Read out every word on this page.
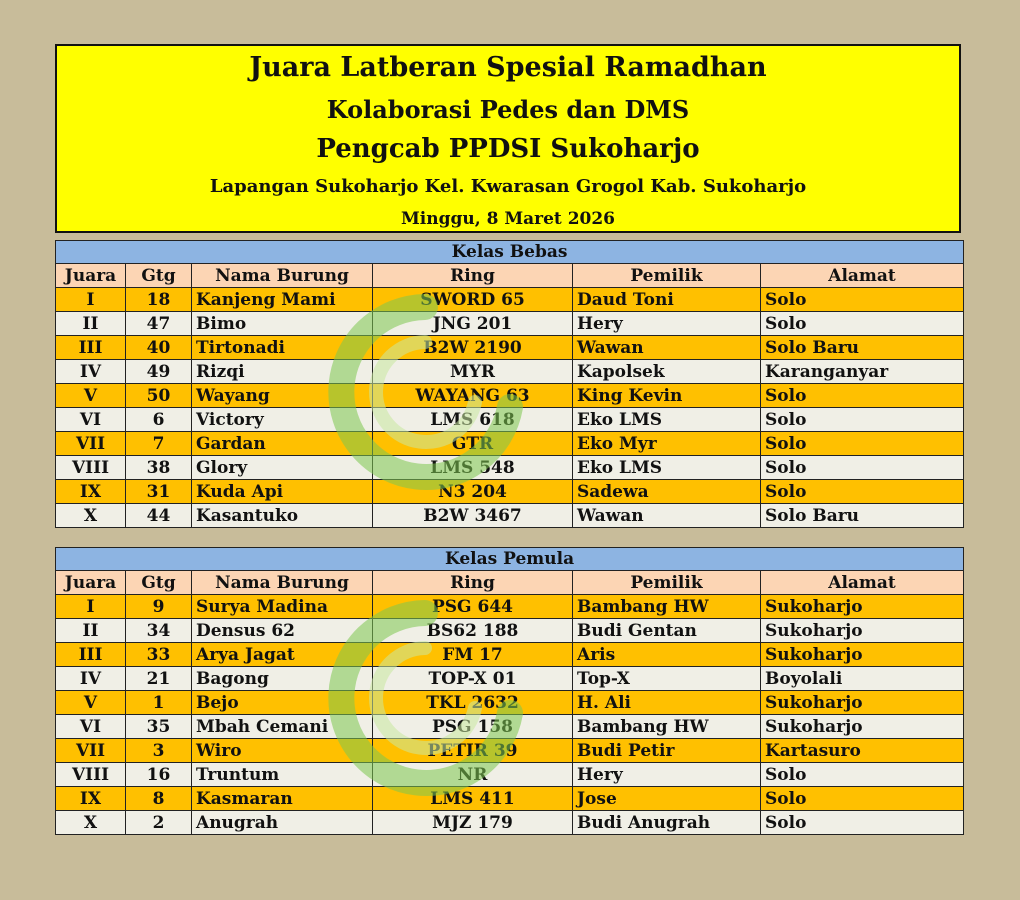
Juara Latberan Spesial Ramadhan
Kolaborasi Pedes dan DMS
Pengcab PPDSI Sukoharjo
Lapangan Sukoharjo Kel. Kwarasan Grogol Kab. Sukoharjo
Minggu, 8 Maret 2026
Kelas Bebas					
Juara	Gtg	Nama Burung	Ring	Pemilik	Alamat
I	18	Kanjeng Mami	SWORD 65	Daud Toni	Solo
II	47	Bimo	JNG 201	Hery	Solo
III	40	Tirtonadi	B2W 2190	Wawan	Solo Baru
IV	49	Rizqi	MYR	Kapolsek	Karanganyar
V	50	Wayang	WAYANG 63	King Kevin	Solo
VI	6	Victory	LMS 618	Eko LMS	Solo
VII	7	Gardan	GTR	Eko Myr	Solo
VIII	38	Glory	LMS 548	Eko LMS	Solo
IX	31	Kuda Api	N3 204	Sadewa	Solo
X	44	Kasantuko	B2W 3467	Wawan	Solo Baru
Kelas Pemula					
Juara	Gtg	Nama Burung	Ring	Pemilik	Alamat
I	9	Surya Madina	PSG 644	Bambang HW	Sukoharjo
II	34	Densus 62	BS62 188	Budi Gentan	Sukoharjo
III	33	Arya Jagat	FM 17	Aris	Sukoharjo
IV	21	Bagong	TOP-X 01	Top-X	Boyolali
V	1	Bejo	TKL 2632	H. Ali	Sukoharjo
VI	35	Mbah Cemani	PSG 158	Bambang HW	Sukoharjo
VII	3	Wiro	PETIR 39	Budi Petir	Kartasuro
VIII	16	Truntum	NR	Hery	Solo
IX	8	Kasmaran	LMS 411	Jose	Solo
X	2	Anugrah	MJZ 179	Budi Anugrah	Solo
